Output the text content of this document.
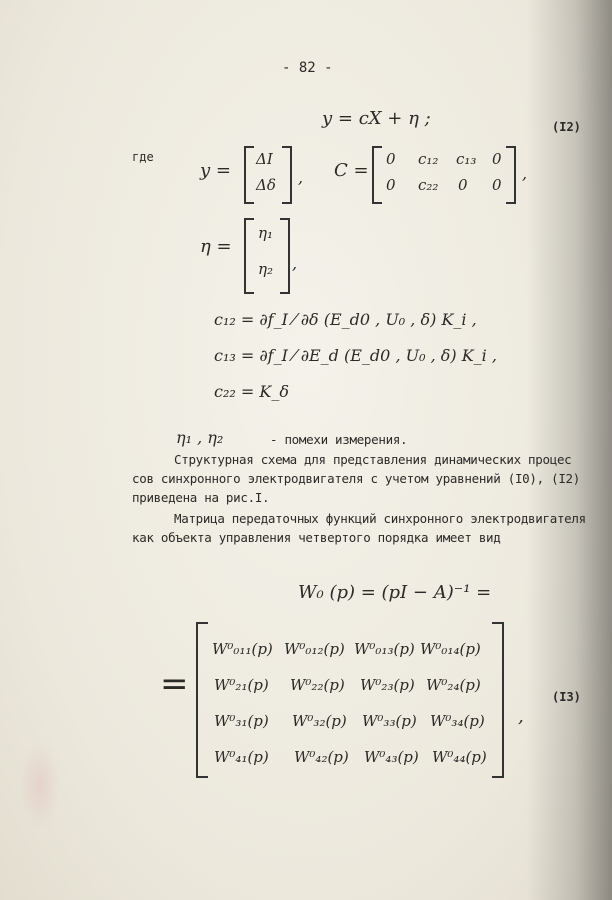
- 82 -
y = cX + η ;	(I2)
где
y =
ΔI
Δδ , C =
0 c₁₂ c₁₃ 0
0 c₂₂ 0 0
,
η =
η₁
η₂ ,
c₁₂ = ∂f_I ⁄ ∂δ (E_d0 , U₀ , δ) K_i ,
c₁₃ = ∂f_I ⁄ ∂E_d (E_d0 , U₀ , δ) K_i ,
c₂₂ = K_δ
η₁ , η₂	- помехи измерения.
Структурная схема для представления динамических процес
сов синхронного электродвигателя с учетом уравнений (I0), (I2)
приведена на рис.I.
Матрица передаточных функций синхронного электродвигателя
как объекта управления четвертого порядка имеет вид
W₀ (p) = (pI − A)⁻¹ =
=
,
(I3)
W⁰₀₁₁(p) W⁰₀₁₂(p) W⁰₀₁₃(p) W⁰₀₁₄(p)
W⁰₂₁(p) W⁰₂₂(p) W⁰₂₃(p) W⁰₂₄(p)
W⁰₃₁(p) W⁰₃₂(p) W⁰₃₃(p) W⁰₃₄(p)
W⁰₄₁(p) W⁰₄₂(p) W⁰₄₃(p) W⁰₄₄(p)
